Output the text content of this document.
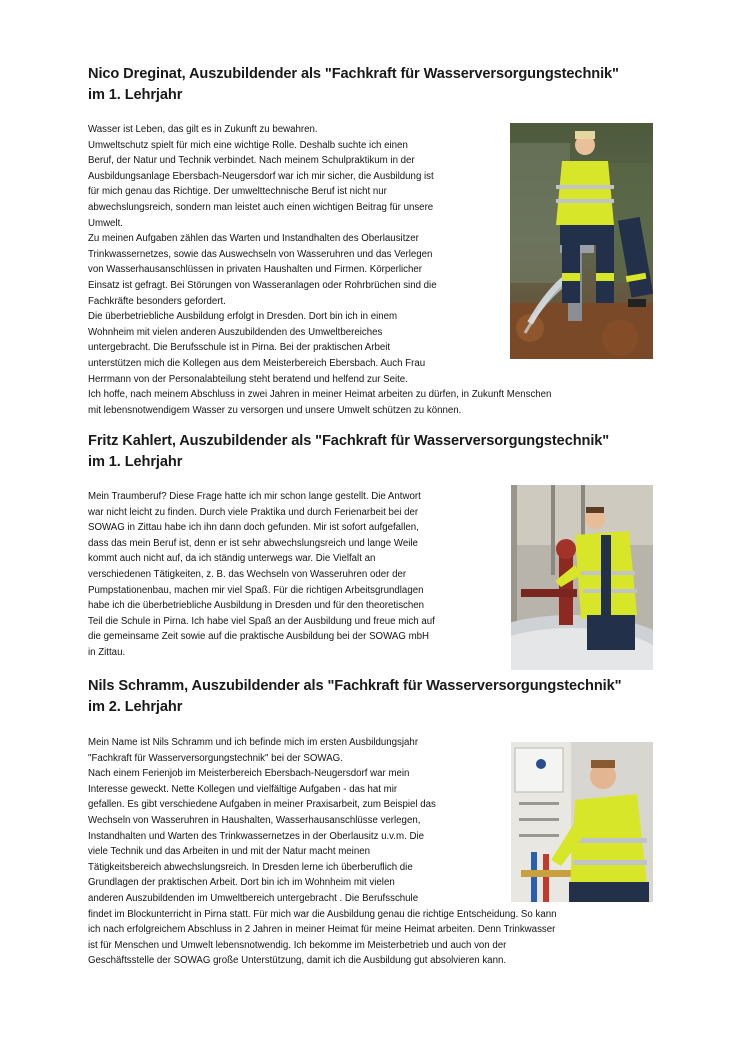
Nico Dreginat, Auszubildender als "Fachkraft für Wasserversorgungstechnik"
im 1. Lehrjahr
Wasser ist Leben, das gilt es in Zukunft zu bewahren.
Umweltschutz spielt für mich eine wichtige Rolle. Deshalb suchte ich einen
Beruf, der Natur und Technik verbindet. Nach meinem Schulpraktikum in der
Ausbildungsanlage Ebersbach-Neugersdorf war ich mir sicher, die Ausbildung ist
für mich genau das Richtige. Der umwelttechnische Beruf ist nicht nur
abwechslungsreich, sondern man leistet auch einen wichtigen Beitrag für unsere
Umwelt.
Zu meinen Aufgaben zählen das Warten und Instandhalten des Oberlausitzer
Trinkwassernetzes, sowie das Auswechseln von Wasseruhren und das Verlegen
von Wasserhausanschlüssen in privaten Haushalten und Firmen. Körperlicher
Einsatz ist gefragt. Bei Störungen von Wasseranlagen oder Rohrbrüchen sind die
Fachkräfte besonders gefordert.
Die überbetriebliche Ausbildung erfolgt in Dresden. Dort bin ich in einem
Wohnheim mit vielen anderen Auszubildenden des Umweltbereiches
untergebracht. Die Berufsschule ist in Pirna. Bei der praktischen Arbeit
unterstützen mich die Kollegen aus dem Meisterbereich Ebersbach. Auch Frau
Herrmann von der Personalabteilung steht beratend und helfend zur Seite.
Ich hoffe, nach meinem Abschluss in zwei Jahren in meiner Heimat arbeiten zu dürfen, in Zukunft Menschen
mit lebensnotwendigem Wasser zu versorgen und unsere Umwelt schützen zu können.
Fritz Kahlert, Auszubildender als "Fachkraft für Wasserversorgungstechnik"
im 1. Lehrjahr
Mein Traumberuf? Diese Frage hatte ich mir schon lange gestellt. Die Antwort
war nicht leicht zu finden. Durch viele Praktika und durch Ferienarbeit bei der
SOWAG in Zittau habe ich ihn dann doch gefunden. Mir ist sofort aufgefallen,
dass das mein Beruf ist, denn er ist sehr abwechslungsreich und lange Weile
kommt auch nicht auf, da ich ständig unterwegs war. Die Vielfalt an
verschiedenen Tätigkeiten, z. B. das Wechseln von Wasseruhren oder der
Pumpstationenbau, machen mir viel Spaß. Für die richtigen Arbeitsgrundlagen
habe ich die überbetriebliche Ausbildung in Dresden und für den theoretischen
Teil die Schule in Pirna. Ich habe viel Spaß an der Ausbildung und freue mich auf
die gemeinsame Zeit sowie auf die praktische Ausbildung bei der SOWAG mbH
in Zittau.
Nils Schramm, Auszubildender als "Fachkraft für Wasserversorgungstechnik"
im 2. Lehrjahr
Mein Name ist Nils Schramm und ich befinde mich im ersten Ausbildungsjahr
"Fachkraft für Wasserversorgungstechnik" bei der SOWAG.
Nach einem Ferienjob im Meisterbereich Ebersbach-Neugersdorf war mein
Interesse geweckt. Nette Kollegen und vielfältige Aufgaben - das hat mir
gefallen. Es gibt verschiedene Aufgaben in meiner Praxisarbeit, zum Beispiel das
Wechseln von Wasseruhren in Haushalten, Wasserhausanschlüsse verlegen,
Instandhalten und Warten des Trinkwassernetzes in der Oberlausitz u.v.m. Die
viele Technik und das Arbeiten in und mit der Natur macht meinen
Tätigkeitsbereich abwechslungsreich. In Dresden lerne ich überberuflich die
Grundlagen der praktischen Arbeit. Dort bin ich im Wohnheim mit vielen
anderen Auszubildenden im Umweltbereich untergebracht . Die Berufsschule
findet im Blockunterricht in Pirna statt. Für mich war die Ausbildung genau die richtige Entscheidung. So kann
ich nach erfolgreichem Abschluss in 2 Jahren in meiner Heimat für meine Heimat arbeiten. Denn Trinkwasser
ist für Menschen und Umwelt lebensnotwendig. Ich bekomme im Meisterbetrieb und auch von der
Geschäftsstelle der SOWAG große Unterstützung, damit ich die Ausbildung gut absolvieren kann.
